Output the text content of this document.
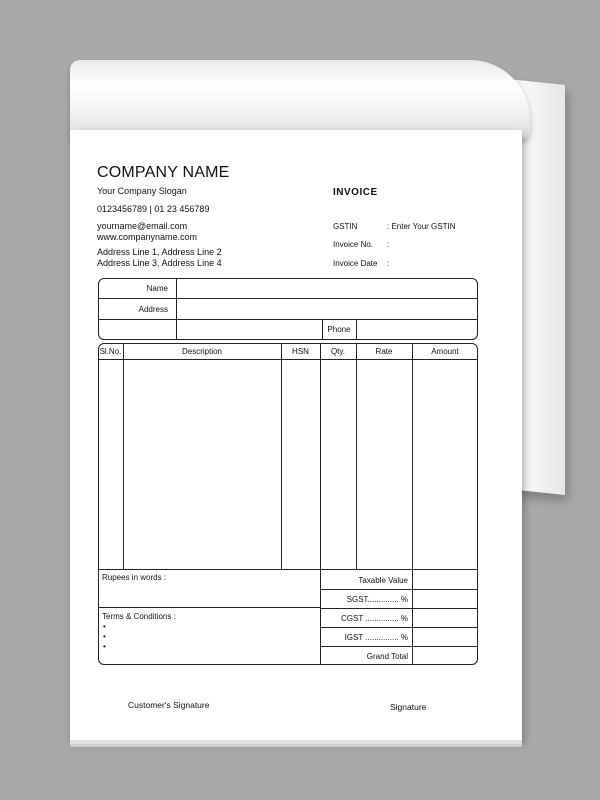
COMPANY NAME
Your Company Slogan
0123456789 | 01 23 456789
yourname@email.com
www.companyname.com
Address Line 1, Address Line 2
Address Line 3, Address Line 4
INVOICE
GSTIN	: Enter Your GSTIN
Invoice No. :
Invoice Date :
Name
Address
Phone
Sl.No.	Description	HSN	Qty.	Rate	Amount
Rupees in words :
Terms & Conditions :
•
•
•
Taxable Value
SGST.............. %
CGST ............... %
IGST ............... %
Grand Total
Customer's Signature	Signature
